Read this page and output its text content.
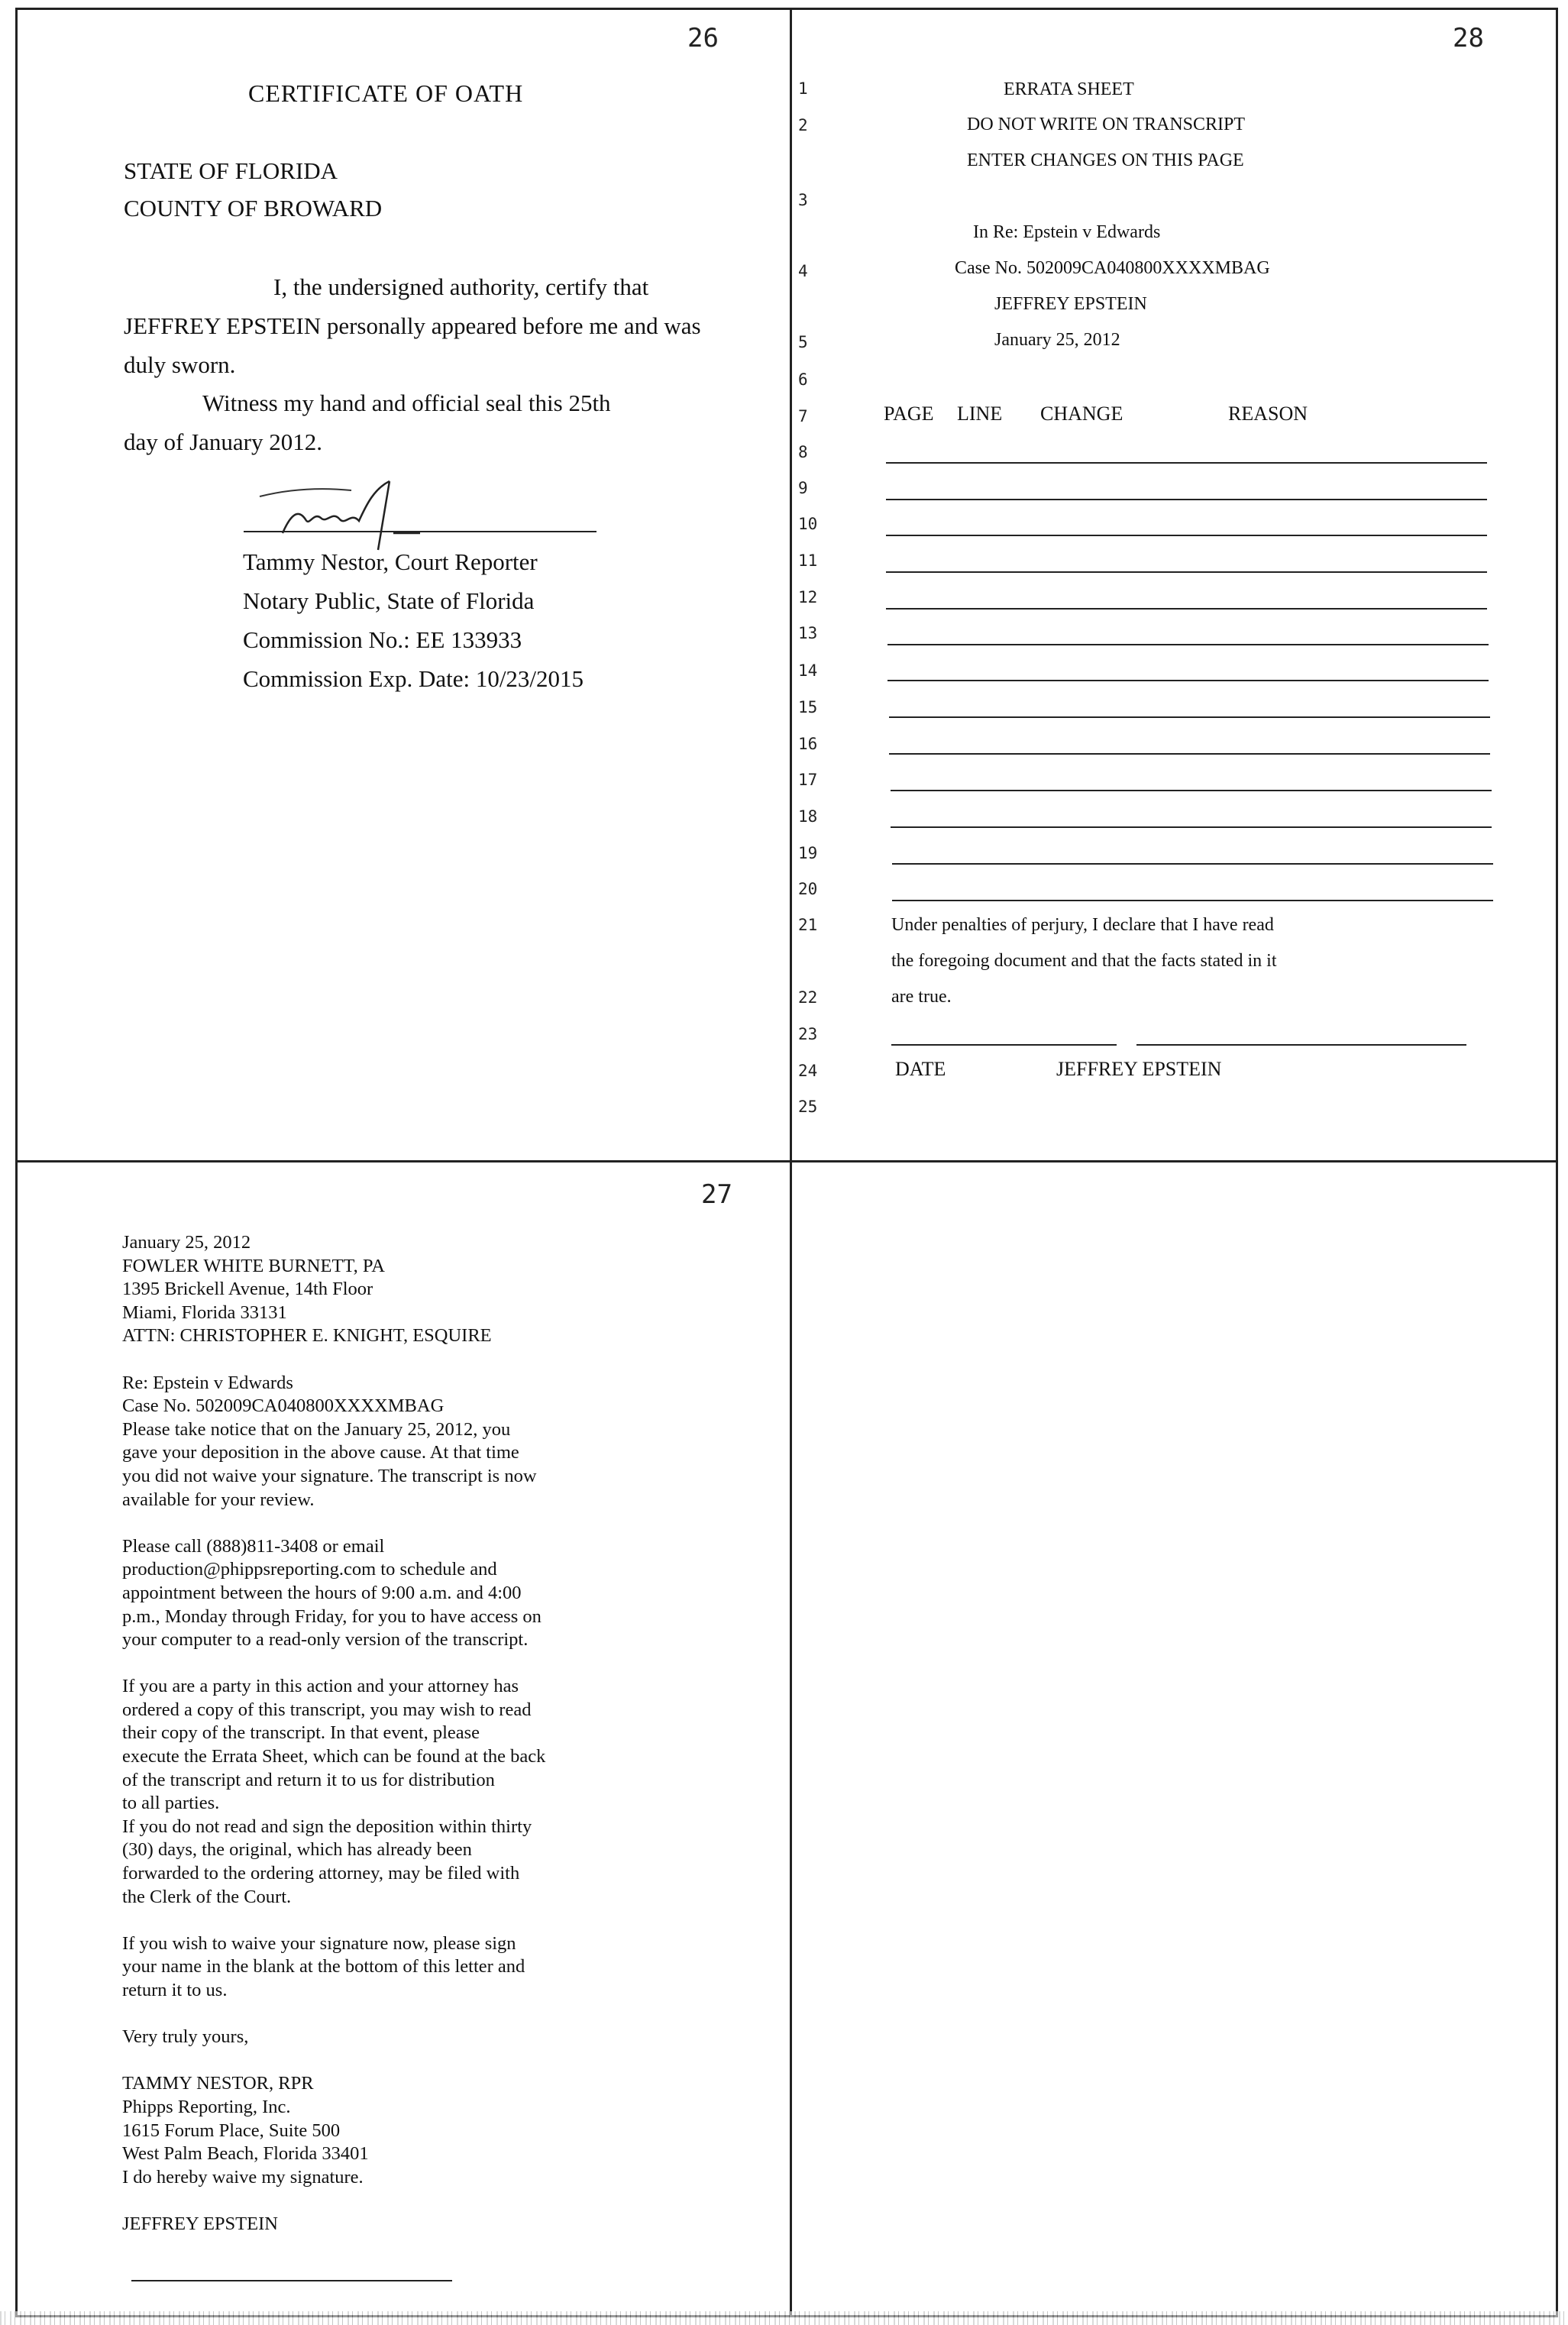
26
CERTIFICATE OF OATH
STATE OF FLORIDA
COUNTY OF BROWARD
I, the undersigned authority, certify that
JEFFREY EPSTEIN personally appeared before me and was
duly sworn.
Witness my hand and official seal this 25th
day of January 2012.
Tammy Nestor, Court Reporter
Notary Public, State of Florida
Commission No.: EE 133933
Commission Exp. Date: 10/23/2015
28
1
2
3
4
5
6
7
8
9
10
11
12
13
14
15
16
17
18
19
20
21
22
23
24
25
ERRATA SHEET
DO NOT WRITE ON TRANSCRIPT
ENTER CHANGES ON THIS PAGE
In Re: Epstein v Edwards
Case No. 502009CA040800XXXXMBAG
JEFFREY EPSTEIN
January 25, 2012
PAGE LINE CHANGE	REASON
Under penalties of perjury, I declare that I have read
the foregoing document and that the facts stated in it
are true.
DATE	JEFFREY EPSTEIN
27
January 25, 2012
FOWLER WHITE BURNETT, PA
1395 Brickell Avenue, 14th Floor
Miami, Florida 33131
ATTN: CHRISTOPHER E. KNIGHT, ESQUIRE
Re: Epstein v Edwards
Case No. 502009CA040800XXXXMBAG
Please take notice that on the January 25, 2012, you
gave your deposition in the above cause. At that time
you did not waive your signature. The transcript is now
available for your review.
Please call (888)811-3408 or email
production@phippsreporting.com to schedule and
appointment between the hours of 9:00 a.m. and 4:00
p.m., Monday through Friday, for you to have access on
your computer to a read-only version of the transcript.
If you are a party in this action and your attorney has
ordered a copy of this transcript, you may wish to read
their copy of the transcript. In that event, please
execute the Errata Sheet, which can be found at the back
of the transcript and return it to us for distribution
to all parties.
If you do not read and sign the deposition within thirty
(30) days, the original, which has already been
forwarded to the ordering attorney, may be filed with
the Clerk of the Court.
If you wish to waive your signature now, please sign
your name in the blank at the bottom of this letter and
return it to us.
Very truly yours,
TAMMY NESTOR, RPR
Phipps Reporting, Inc.
1615 Forum Place, Suite 500
West Palm Beach, Florida 33401
I do hereby waive my signature.
JEFFREY EPSTEIN
